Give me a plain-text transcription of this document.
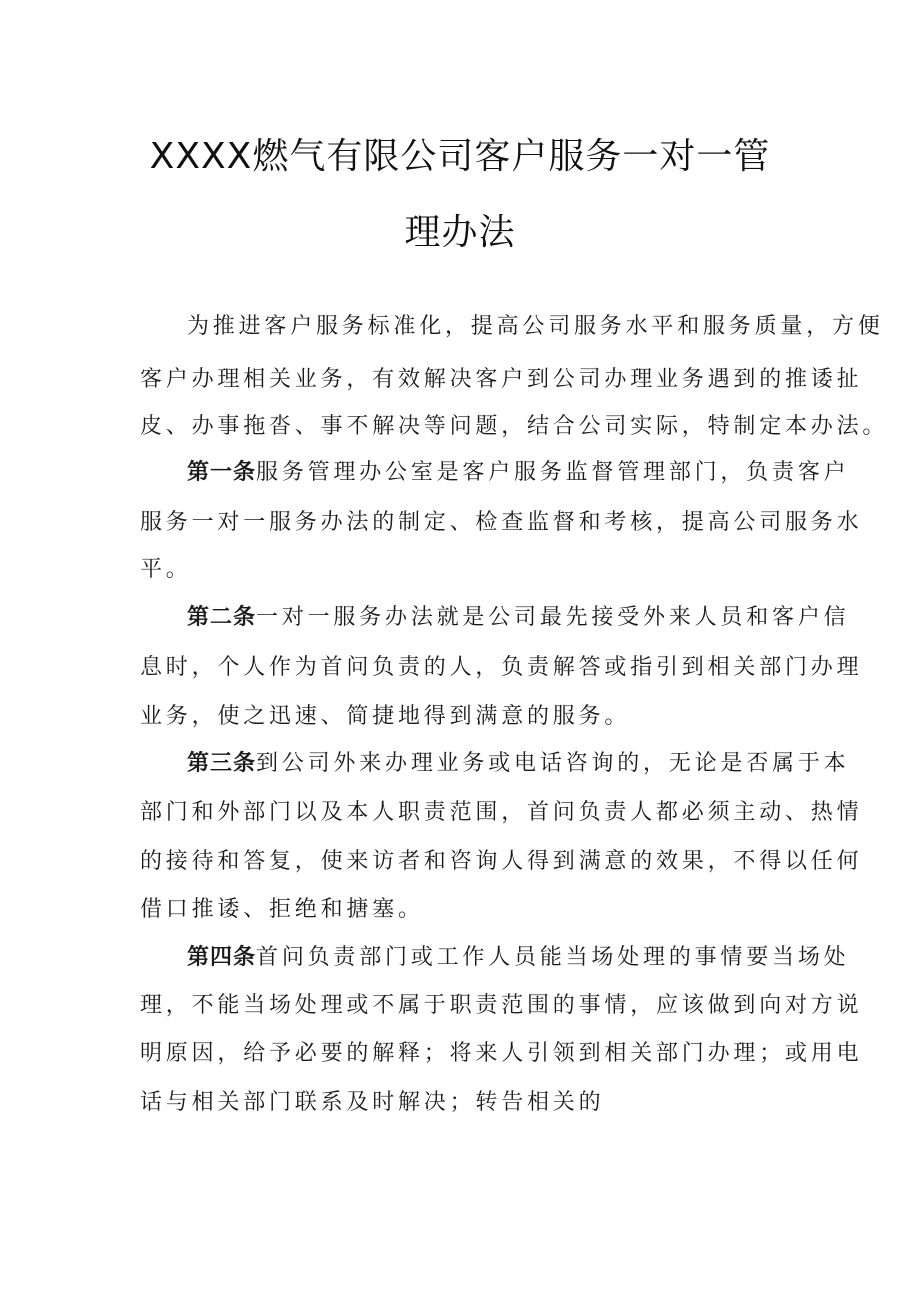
XXXX燃气有限公司客户服务一对一管
理办法
为推进客户服务标准化，提高公司服务水平和服务质量，方便
客户办理相关业务，有效解决客户到公司办理业务遇到的推诿扯
皮、办事拖沓、事不解决等问题，结合公司实际，特制定本办法。
第一条服务管理办公室是客户服务监督管理部门，负责客户
服务一对一服务办法的制定、检查监督和考核，提高公司服务水
平。
第二条一对一服务办法就是公司最先接受外来人员和客户信
息时，个人作为首问负责的人，负责解答或指引到相关部门办理
业务，使之迅速、简捷地得到满意的服务。
第三条到公司外来办理业务或电话咨询的，无论是否属于本
部门和外部门以及本人职责范围，首问负责人都必须主动、热情
的接待和答复，使来访者和咨询人得到满意的效果，不得以任何
借口推诿、拒绝和搪塞。
第四条首问负责部门或工作人员能当场处理的事情要当场处
理，不能当场处理或不属于职责范围的事情，应该做到向对方说
明原因，给予必要的解释；将来人引领到相关部门办理；或用电
话与相关部门联系及时解决；转告相关的
